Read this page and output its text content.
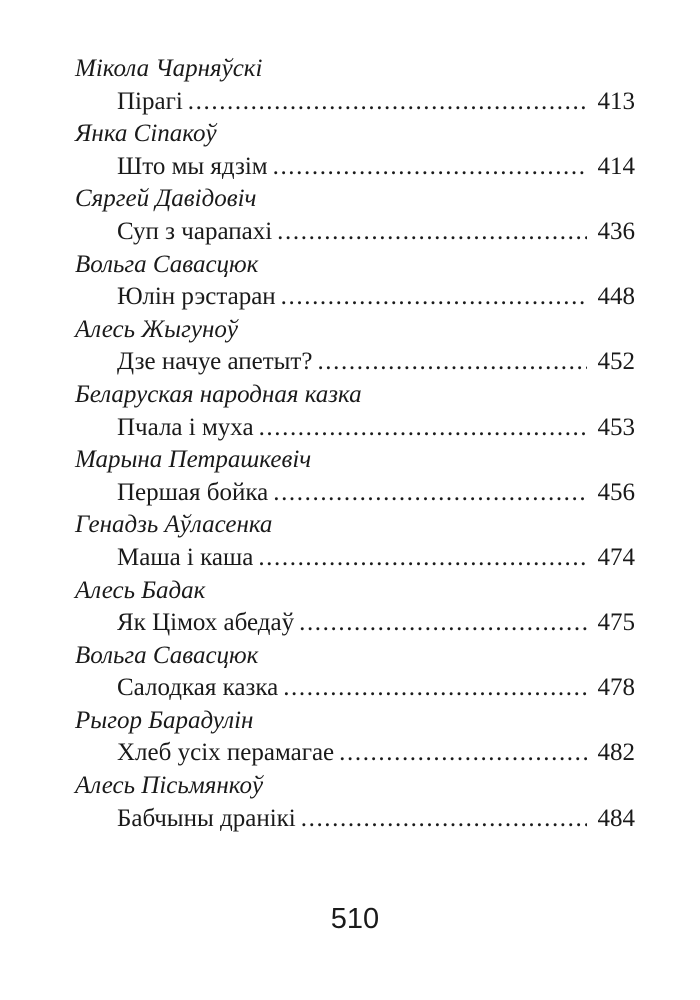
Мікола Чарняўскі
Пірагі .....	413
Янка Сіпакоў
Што мы ядзім .....	414
Сяргей Давідовіч
Суп з чарапахі .....	436
Вольга Савасцюк
Юлін рэстаран .....	448
Алесь Жыгуноў
Дзе начуе апетыт? .....	452
Беларуская народная казка
Пчала і муха .....	453
Марына Петрашкевіч
Першая бойка .....	456
Генадзь Аўласенка
Маша і каша .....	474
Алесь Бадак
Як Цімох абедаў .....	475
Вольга Савасцюк
Салодкая казка .....	478
Рыгор Барадулін
Хлеб усіх перамагае .....	482
Алесь Пісьмянкоў
Бабчыны дранікі .....	484
510
